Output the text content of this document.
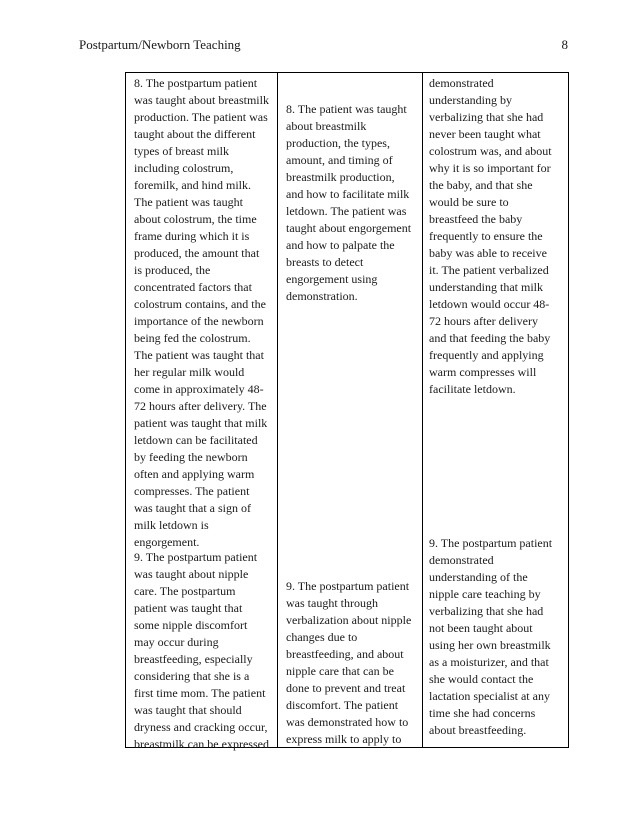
Postpartum/Newborn Teaching	8

8. The postpartum patient
was taught about breastmilk
production. The patient was
taught about the different
types of breast milk
including colostrum,
foremilk, and hind milk.
The patient was taught
about colostrum, the time
frame during which it is
produced, the amount that
is produced, the
concentrated factors that
colostrum contains, and the
importance of the newborn
being fed the colostrum.
The patient was taught that
her regular milk would
come in approximately 48-
72 hours after delivery. The
patient was taught that milk
letdown can be facilitated
by feeding the newborn
often and applying warm
compresses. The patient
was taught that a sign of
milk letdown is
engorgement.

9. The postpartum patient
was taught about nipple
care. The postpartum
patient was taught that
some nipple discomfort
may occur during
breastfeeding, especially
considering that she is a
first time mom. The patient
was taught that should
dryness and cracking occur,
breastmilk can be expressed

8. The patient was taught
about breastmilk
production, the types,
amount, and timing of
breastmilk production,
and how to facilitate milk
letdown. The patient was
taught about engorgement
and how to palpate the
breasts to detect
engorgement using
demonstration.

9. The postpartum patient
was taught through
verbalization about nipple
changes due to
breastfeeding, and about
nipple care that can be
done to prevent and treat
discomfort. The patient
was demonstrated how to
express milk to apply to

demonstrated
understanding by
verbalizing that she had
never been taught what
colostrum was, and about
why it is so important for
the baby, and that she
would be sure to
breastfeed the baby
frequently to ensure the
baby was able to receive
it. The patient verbalized
understanding that milk
letdown would occur 48-
72 hours after delivery
and that feeding the baby
frequently and applying
warm compresses will
facilitate letdown.

9. The postpartum patient
demonstrated
understanding of the
nipple care teaching by
verbalizing that she had
not been taught about
using her own breastmilk
as a moisturizer, and that
she would contact the
lactation specialist at any
time she had concerns
about breastfeeding.
